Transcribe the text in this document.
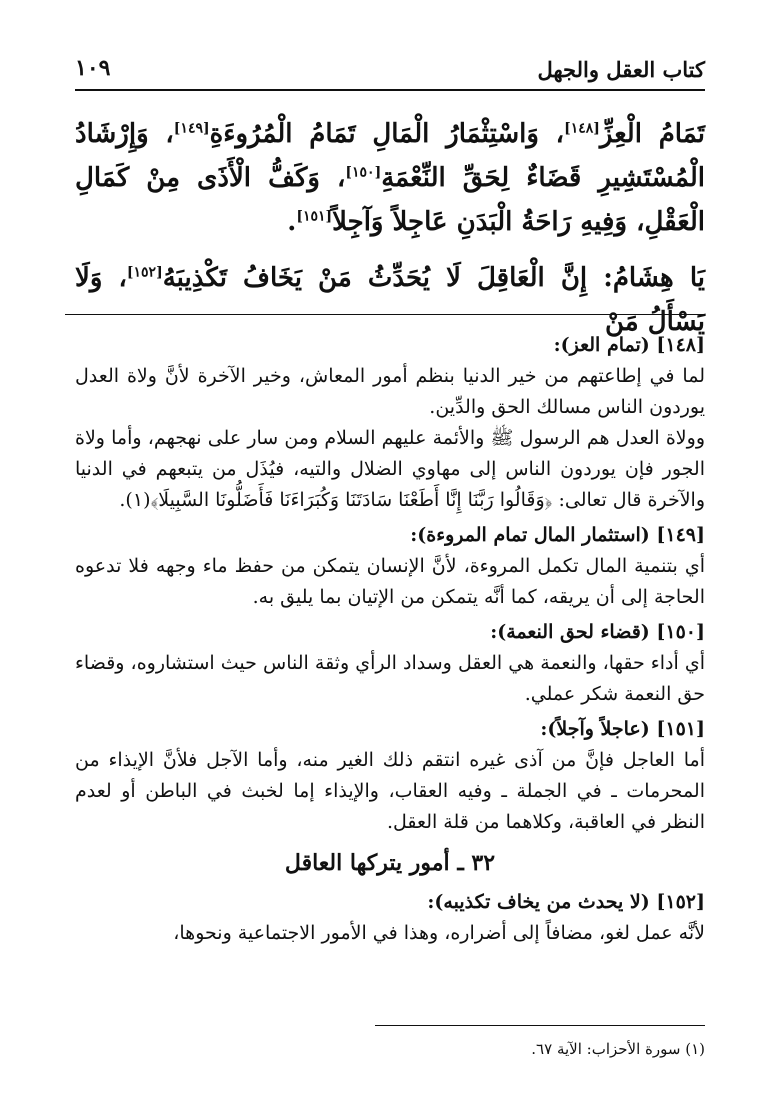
كتاب العقل والجهل
١٠٩

تَمَامُ الْعِزِّ[١٤٨]، وَاسْتِثْمَارُ الْمَالِ تَمَامُ الْمُرُوءَةِ[١٤٩]، وَإِرْشَادُ الْمُسْتَشِيرِ قَضَاءٌ لِحَقِّ النِّعْمَةِ[١٥٠]، وَكَفُّ الْأَذَى مِنْ كَمَالِ الْعَقْلِ، وَفِيهِ رَاحَةُ الْبَدَنِ عَاجِلاً وَآجِلاً[١٥١].

يَا هِشَامُ: إِنَّ الْعَاقِلَ لَا يُحَدِّثُ مَنْ يَخَافُ تَكْذِيبَهُ[١٥٢]، وَلَا يَسْأَلُ مَنْ

[١٤٨] (تمام العز):

لما في إطاعتهم من خير الدنيا بنظم أمور المعاش، وخير الآخرة لأنَّ ولاة العدل يوردون الناس مسالك الحق والدِّين.

وولاة العدل هم الرسول ﷺ والأئمة عليهم السلام ومن سار على نهجهم، وأما ولاة الجور فإن يوردون الناس إلى مهاوي الضلال والتيه، فيُذَل من يتبعهم في الدنيا والآخرة قال تعالى: ﴿وَقَالُوا رَبَّنَا إِنَّا أَطَعْنَا سَادَتَنَا وَكُبَرَاءَنَا فَأَضَلُّونَا السَّبِيلَا﴾(١).

[١٤٩] (استثمار المال تمام المروءة):

أي بتنمية المال تكمل المروءة، لأنَّ الإنسان يتمكن من حفظ ماء وجهه فلا تدعوه الحاجة إلى أن يريقه، كما أنَّه يتمكن من الإتيان بما يليق به.

[١٥٠] (قضاء لحق النعمة):

أي أداء حقها، والنعمة هي العقل وسداد الرأي وثقة الناس حيث استشاروه، وقضاء حق النعمة شكر عملي.

[١٥١] (عاجلاً وآجلاً):

أما العاجل فإنَّ من آذى غيره انتقم ذلك الغير منه، وأما الآجل فلأنَّ الإيذاء من المحرمات ـ في الجملة ـ وفيه العقاب، والإيذاء إما لخبث في الباطن أو لعدم النظر في العاقبة، وكلاهما من قلة العقل.

٣٢ ـ أمور يتركها العاقل

[١٥٢] (لا يحدث من يخاف تكذيبه):

لأنَّه عمل لغو، مضافاً إلى أضراره، وهذا في الأمور الاجتماعية ونحوها،

(١) سورة الأحزاب: الآية ٦٧.
